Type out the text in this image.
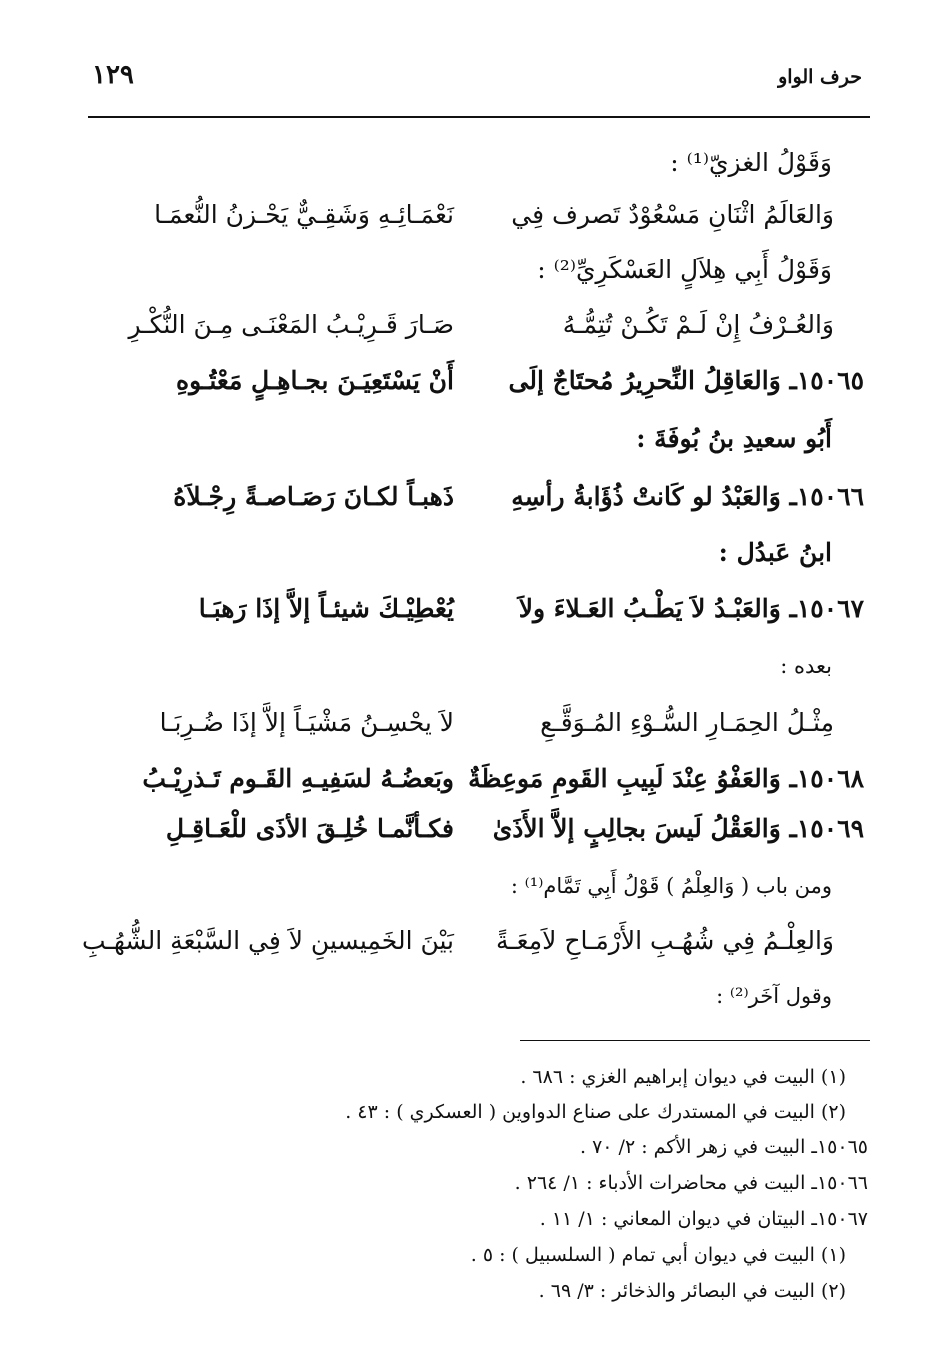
حرف الواو
١٢٩
وَقَوْلُ الغزيّ⁽¹⁾ :
وَالعَالَمُ اثْنَانِ مَسْعُوْدٌ تَصرف فِي
نَعْمَـائِـهِ وَشَقِـيٌّ يَحْـزنُ النُّعمَـا
وَقَوْلُ أَبِي هِلاَلٍ العَسْكَرِيِّ⁽²⁾ :
وَالعُـرْفُ إِنْ لَـمْ تَكُـنْ تُتِمُّـهُ
صَـارَ قَـرِيْـبُ المَعْنَـى مِـنَ النُّكْـرِ
١٥٠٦٥ـ وَالعَاقِلُ النِّحرِيرُ مُحتَاجٌ إلَى
أَنْ يَسْتَعِيَـنَ بجـاهِـلٍ مَعْتُـوهِ
أَبُو سعيدِ بنُ بُوفَةَ :
١٥٠٦٦ـ وَالعَبْدُ لو كَانتْ ذُؤَابةُ رأسِهِ
ذَهبـاً لكـانَ رَصَـاصـةً رِجْـلاَهُ
ابنُ عَبدُل :
١٥٠٦٧ـ وَالعَبْـدُ لاَ يَطْـبُ العَـلاءَ ولاَ
يُعْطِيْـكَ شيئـاً إلاَّ إذَا رَهبَـا
بعده :
مِثْـلُ الحِمَـارِ السُّـوْءِ المُـوَقَّـعِ
لاَ يحْسِـنُ مَشْيَـاً إلاَّ إذَا ضُـرِبَـا
١٥٠٦٨ـ وَالعَفْوُ عِنْدَ لَبِيبِ القَومِ مَوعِظَةٌ
وبَعضُـهُ لسَفِيـهِ القَـوم تَـذرِيْـبُ
١٥٠٦٩ـ وَالعَقْلُ لَيسَ بجالِبٍ إلاَّ الأَذَىٰ
فكـأنَّمـا خُلِـقَ الأذَى للْعَـاقِـلِ
ومن باب ( وَالعِلْمُ ) قَوْلُ أَبِي تَمَّام⁽¹⁾ :
وَالعِلْـمُ فِي شُهُـبِ الأَرْمَـاحِ لاَمِعَـةً
بَيْنَ الخَمِيسينِ لاَ فِي السَّبْعَةِ الشُّهُـبِ
وقول آخَر⁽²⁾ :
(١) البيت في ديوان إبراهيم الغزي : ٦٨٦ .
(٢) البيت في المستدرك على صناع الدواوين ( العسكري ) : ٤٣ .
١٥٠٦٥ـ البيت في زهر الأكم : ٢/ ٧٠ .
١٥٠٦٦ـ البيت في محاضرات الأدباء : ١/ ٢٦٤ .
١٥٠٦٧ـ البيتان في ديوان المعاني : ١/ ١١ .
(١) البيت في ديوان أبي تمام ( السلسبيل ) : ٥ .
(٢) البيت في البصائر والذخائر : ٣/ ٦٩ .
